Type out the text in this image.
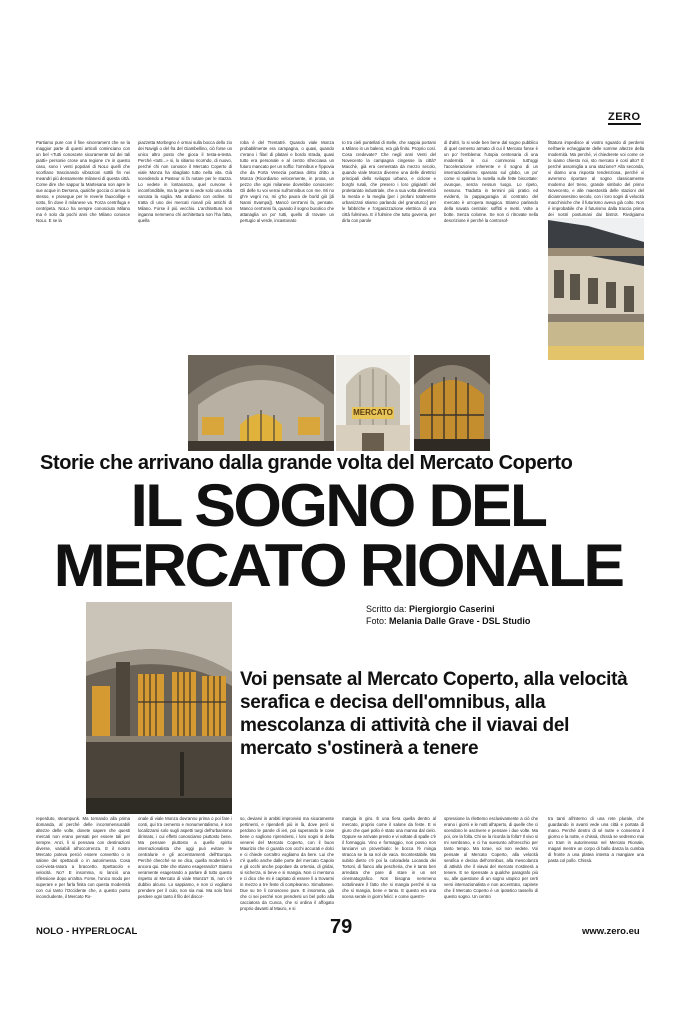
ZERO
Partiamo pure con il fine sincerament che se la maggior parte di questi articoli cominciano con un bel «Tutti conoscete sicuramente tal dei tali piatti» personie crose una regione c'e in questo caso, sono i venti popolari di NoLo quelli che scorfiano trascinando vibrazioni sottili fin nei meandri più densamente milanesi di questa città. Come dire che sappur la Martesana non apre le sue acque in Dersena, qualche goccia ci arriva lo stesso, e prosegue per le reverie fauxcollige e sotto, fin dove il milanese va. Forza centrifuga e centripeta. NoLo ha sempre conosciuto Milano ma è solo da pochi anni che Milano conosce NoLo. E se la
piazzetta Morbegno è ormai sulla bocca dello zio dei Navigli o del fra del Giambellino, ciò forse un unico altro posto che gioca il testa-a-testa. Perché «tutti...» si, lo sitiamo ricorndo, di nuovo, perché chi non conosce il Mercato Coperto di viale Monza ha sbagliato tutto nella vita. Già scendendo a Pasteur si fa notare per le stazza. Lo vedete in lontananza, quel curvone è inconfondibile, ma la gente si vede solo una volta varcata la soglia. Ma andiamo con ordine. Si tratta di uno dei mercati rionali più antichi di Milano. Forse il più vecchio. L'architettura non inganna nemmeno chi architettura non l'ha fatta, quella
roba è del Trentatré. Quando viale Monza probabilmente era campagna, o quasi, quando c'erano i filari di platani e bordo strada, quasi tutto era personale e al centro sfrecciava un futuro mancato per un soffio: l'omnibus e l'ippovia che da Porta Venezia portava dritto dritto a Monza (Ricordiamo velocemente, in prosa, un pezzo che ogni milanese dovrebbe conoscere: Gli delle tu voi verrai sull'omnibus con me. Mi no gh'e vegnì no, mi g'ho paura de borld giò [di Nanni Svampa]). Mancò cent'anni fa, pensate. Manco cent'anni fa, quando il sogno bucolico che attanaglia un po' tutti, quello di trovare un pertugio al verde, incastonato
to tra cieli puntellati di stelle, che sappia portarsi a Milano in un baleno, era già finito. Proprio così. Cosa credevate? Che negli anni Venti del Novecento la campagna cingesse la città? Macchè, già era cementata da mezzo secolo, quando viale Monza divenne una delle direttrici principali dello sviluppo urbano, e ciclone e borghi rurali, che presero i loro grigiastri del proletariato industriale, che a sua volta dimenticò la merda e la meglia [per i profani totalmente urbanizzati stiamo parlando del granoturco] per le fabbriche e l'organizzazione elettrica di una città fulminea. E il fulmine che tutto governa, per dirla con parole
di d'altri, lo si vede ben bene dal sogno pubblico di quel cemento armato di cui il Mercato fonse è un po' l'emblema: l'utopia centenaria di una modernità in cui commonio tutt'oggi l'accelerazione inherente e il sogno di un internazionalismo sparsato sul globo, un po' come si spalma la nutella sulle fette biscottate: ovunque, senza nessun luogo. Lo ripeto, nessuno. Tradotta in termini più pratici ed evidenti, la pappagoragia al contrario del mercato è un'opera maggica. Stiamo parlando della navata centrale: soffitti e metri. Volte a botte. Senza colonne. Se non ci ritrovate nella descrizione è perché la controsof-
fittatura impedisce al vostro sguardo di perdersi nell'aerie echeggiante delle somme altezze della modernità. Ma perché, vi chiederete voi come ce lo siamo chiesto noi, sto mercato è così alto? È perché assomiglia a una stazione? Alla seconda, vi diamo una risposta tendenziosa, perché vi avremmo riportare al sogno classicamente moderno del treno, grande simbolo del primo Novecento, e alle maestosità delle stazioni del diciannovesimo secolo, con i loro sogni di velocità macchiniche che il futurismo aveva già colto. Non è improbabile che il futurismo dalla traccia prima dei nostri postumani dai bistrot. Rivolgiamo
MERCATO
Storie che arrivano dalla grande volta del Mercato Coperto
IL SOGNO DEL
MERCATO RIONALE
Scritto da: Piergiorgio Caserini
Foto: Melania Dalle Grave - DSL Studio
Voi pensate al Mercato Coperto, alla velocità serafica e decisa dell'omnibus, alla mescolanza di attività che il viavai del mercato s'ostinerà a tenere
reperduto, steampunk. Ma tornando alla prima domanda, al perché delle incommensurabili altezze delle volte, dovete sapere che questi mercati non erano pensati per essere tali per sempre. Anzi, li si pensava con destinazioni diverse, variabili all'occorrenza. E il nostro Mercato poteva perciò essere convertito o in salone dei spettacoli o in autorimessa. Cosa così-vieta-ratora a braccetto. Spettacolo e velocità. No? E insomma, si lanciò una riflessione dopo un'altra. Forse, l'unico modo per superare e per farla finita con questa modernità con cui tanto l'Occidente che, a questo punto inconcludente, il Mercato Ro-
onale di viale Monza dovranno prima o poi fare i conti, qui tra cemento e monumentalismo, è non localizzarsi solo sugli aspetti turgi dell'urbanismo dirimato, i cui effetti conosciamo piuttosto bene. Ma pensare piuttosto a quello spirito internazionalista che oggi può evitare le centralurie e gli accentramenti dell'Europa. Perché checché se ne dica, quella modernità è ancora qui. Dite che stiamo esagerando? Stiamo veramente esagerando a parlare di tutto questo rispetto al Mercato di viale Monza? Si, non c'è dubbio alcuno. Lo sappiamo, e non ci vogliamo prendere per il culo, non sia mai. Ma solo farvi perdere ogni tanto il filo del discor-
so, deviarvi in ambiti improvvisi ma sicuramente pertinenti, e ripenderli più in là, dove però si perdono le parole di ieri, poi superando le cose bene o sogliono riprendersi, i loro sogni si della venerei del Mercato Coperto, con il buon Maurizio che ci guarda con occhi accurati e dolci e ci chiede cos'altro vogliamo da bere. Lui che c'è quello anche dalle porte del mercato Capolo e gli occhi anche popolare da ortersia, di gridai, si sicherza, si beve e si mangia. Non ci mentono e ci dico che mi è capitato di essere lì a trovarmi in mezzo a tre feste di compleanno. Simultanee. Due su tre li conoscevo pure. E insomma, già che ci sei perché non prendersi un bel pollo alla cacciatora da Cunca, che si ordina il affogato proprio davanti al Mauro, e si
mangia in giro. È una fiera quella dentro al mercato, proprio come il salone da feste. E vi giuro che quel pollo è stato una manna dal cielo. Oppure se arrivate presto e vi voltate di spalle c'è il formaggio. Vino e formaggio, non posso non lanciarvi un proverbialo: le bocca l'è minga stracca se la sa nol de vaca. Incontestabile. Ma subito dietro c'è poi la coloradela Locanda dei Tortoni, di fianco alla pescheria, che è tanto ben arredata che pare di stare in un set cinematografico. Non bisogna nemmeno sottolineare il fatto che si mangia perché si sa che si mangia, bene e tanto. E questo era una scena serale in giorni felici: e come quest'e-
spressione la rilettemo esclusivamente a ciò che erano i giorni e le notti all'aperto, di quelle che ci scendono le ascrivere e pensare i due volte. Ma poi, ore la folla. Chi se la ricorda la folla? Il vivo si mi sembrano, e ci ha suesunto all'orecchio per tanto tempo. Ma torae, voi non vedete. Voi pensate al Mercato Coperto, alla velocità serafica e decisa dell'omnibus, alla mescolanza di attività che il viavai del mercato s'ostinerà a tenere. E se ripensate a qualche paragrafo più su, alle questione di un sogno utopico per certi versi internazionalista e non accentrato, capirete che il Mercato Coperto è un ipotetico tassello di questo sogno. Un centro
tra tanti all'interno di una rete plurale, che guardando in avanti vede una città e portata di mano. Perché dentro di sé nutre e consenna il giorno e la notte, e chissà, chissà se vedremo mai un tram in autorimessa nel Mercato Rionale, magari mentre un corpo di ballo danza la cumbia di fronte a una platea intenta a mangiare una pasta col pollo. Chissà.
NOLO - HYPERLOCAL	79	www.zero.eu
